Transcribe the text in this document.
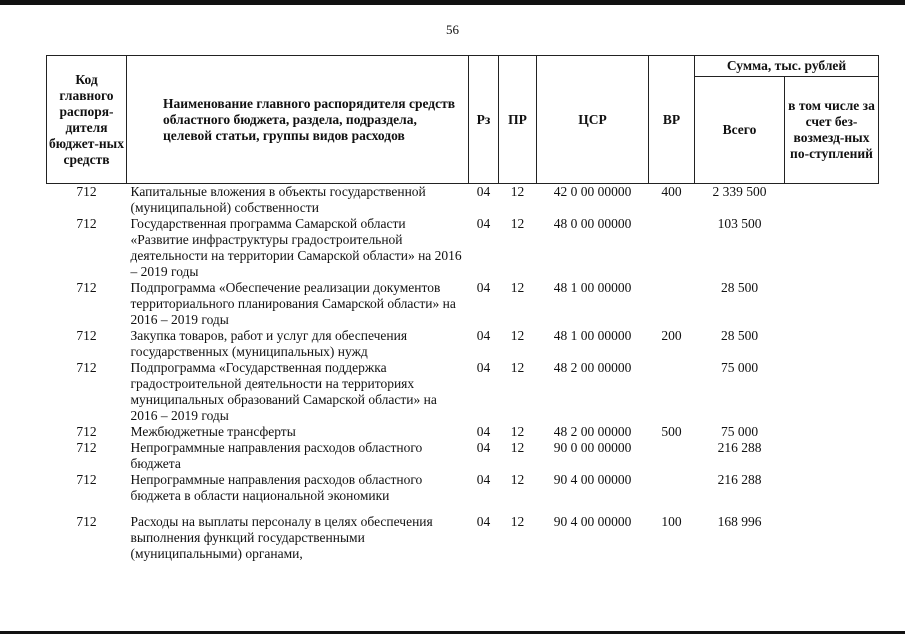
56
Код главного распоря-дителя бюджет-ных средств	Наименование главного распорядителя средств областного бюджета, раздела, подраздела, целевой статьи, группы видов расходов	Рз	ПР	ЦСР	ВР	Сумма, тыс. рублей	
						Всего	в том числе за счет без-возмезд-ных по-ступлений
712	Капитальные вложения в объекты государственной (муниципальной) собственности	04	12	42 0 00 00000	400	2 339 500	
712	Государственная программа Самарской области «Развитие инфраструктуры градостроительной деятельности на территории Самарской области» на 2016 – 2019 годы	04	12	48 0 00 00000		103 500	
712	Подпрограмма «Обеспечение реализации документов территориального планирования Самарской области» на 2016 – 2019 годы	04	12	48 1 00 00000		28 500	
712	Закупка товаров, работ и услуг для обеспечения государственных (муниципальных) нужд	04	12	48 1 00 00000	200	28 500	
712	Подпрограмма «Государственная поддержка градостроительной деятельности на территориях муниципальных образований Самарской области» на 2016 – 2019 годы	04	12	48 2 00 00000		75 000	
712	Межбюджетные трансферты	04	12	48 2 00 00000	500	75 000	
712	Непрограммные направления расходов областного бюджета	04	12	90 0 00 00000		216 288	
712	Непрограммные направления расходов областного бюджета в области национальной экономики	04	12	90 4 00 00000		216 288	

712	Расходы на выплаты персоналу в целях обеспечения выполнения функций государственными (муниципальными) органами,	04	12	90 4 00 00000	100	168 996	
